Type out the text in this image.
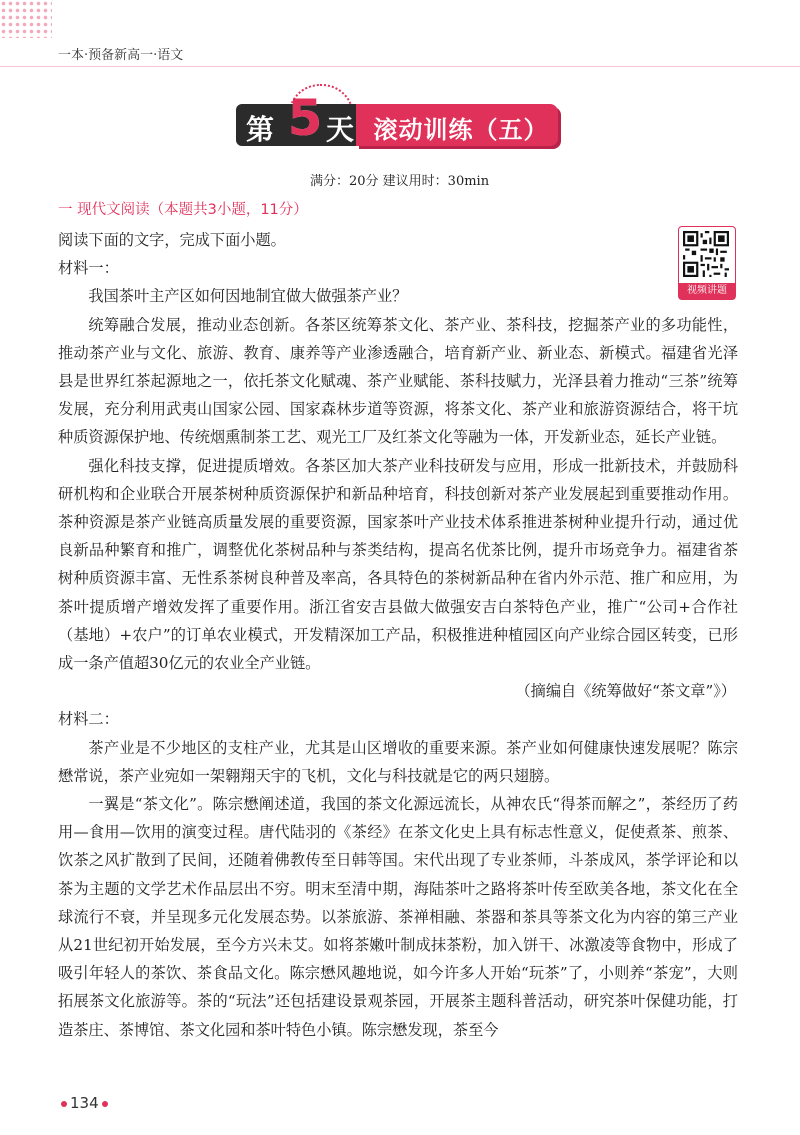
一本·预备新高一·语文
第 5 天 滚动训练（五）
满分：20分 建议用时：30min
一 现代文阅读（本题共3小题，11分）
视频讲题

阅读下面的文字，完成下面小题。

材料一：

我国茶叶主产区如何因地制宜做大做强茶产业？

统筹融合发展，推动业态创新。各茶区统筹茶文化、茶产业、茶科技，挖掘茶产业的多功能性，推动茶产业与文化、旅游、教育、康养等产业渗透融合，培育新产业、新业态、新模式。福建省光泽县是世界红茶起源地之一，依托茶文化赋魂、茶产业赋能、茶科技赋力，光泽县着力推动“三茶”统筹发展，充分利用武夷山国家公园、国家森林步道等资源，将茶文化、茶产业和旅游资源结合，将干坑种质资源保护地、传统烟熏制茶工艺、观光工厂及红茶文化等融为一体，开发新业态，延长产业链。

强化科技支撑，促进提质增效。各茶区加大茶产业科技研发与应用，形成一批新技术，并鼓励科研机构和企业联合开展茶树种质资源保护和新品种培育，科技创新对茶产业发展起到重要推动作用。茶种资源是茶产业链高质量发展的重要资源，国家茶叶产业技术体系推进茶树种业提升行动，通过优良新品种繁育和推广，调整优化茶树品种与茶类结构，提高名优茶比例，提升市场竞争力。福建省茶树种质资源丰富、无性系茶树良种普及率高，各具特色的茶树新品种在省内外示范、推广和应用，为茶叶提质增产增效发挥了重要作用。浙江省安吉县做大做强安吉白茶特色产业，推广“公司+合作社（基地）+农户”的订单农业模式，开发精深加工产品，积极推进种植园区向产业综合园区转变，已形成一条产值超30亿元的农业全产业链。

（摘编自《统筹做好“茶文章”》）

材料二：

茶产业是不少地区的支柱产业，尤其是山区增收的重要来源。茶产业如何健康快速发展呢？陈宗懋常说，茶产业宛如一架翱翔天宇的飞机，文化与科技就是它的两只翅膀。

一翼是“茶文化”。陈宗懋阐述道，我国的茶文化源远流长，从神农氏“得茶而解之”，茶经历了药用—食用—饮用的演变过程。唐代陆羽的《茶经》在茶文化史上具有标志性意义，促使煮茶、煎茶、饮茶之风扩散到了民间，还随着佛教传至日韩等国。宋代出现了专业茶师，斗茶成风，茶学评论和以茶为主题的文学艺术作品层出不穷。明末至清中期，海陆茶叶之路将茶叶传至欧美各地，茶文化在全球流行不衰，并呈现多元化发展态势。以茶旅游、茶禅相融、茶器和茶具等茶文化为内容的第三产业从21世纪初开始发展，至今方兴未艾。如将茶嫩叶制成抹茶粉，加入饼干、冰激凌等食物中，形成了吸引年轻人的茶饮、茶食品文化。陈宗懋风趣地说，如今许多人开始“玩茶”了，小则养“茶宠”，大则拓展茶文化旅游等。茶的“玩法”还包括建设景观茶园，开展茶主题科普活动，研究茶叶保健功能，打造茶庄、茶博馆、茶文化园和茶叶特色小镇。陈宗懋发现，茶至今

134
